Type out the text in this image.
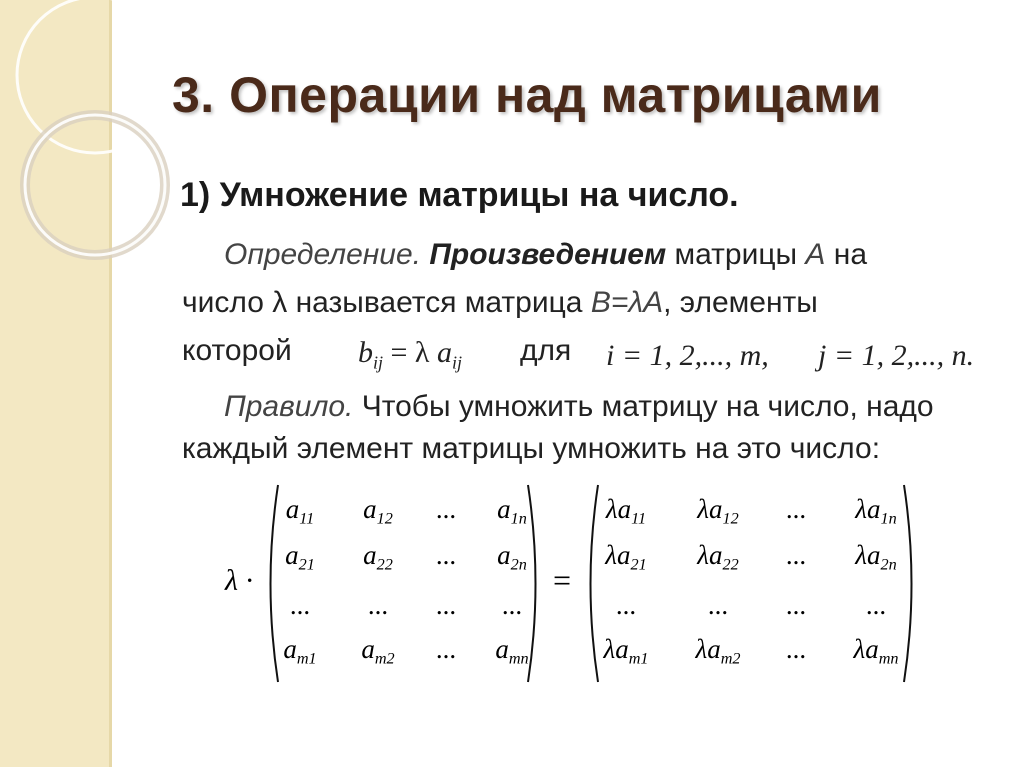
3. Операции над матрицами
1) Умножение матрицы на число.
Определение. Произведением матрицы A на
число λ называется матрица B=λA, элементы
которой $b_{ij} = \lambda$ $a_{ij}$ для i = 1, 2,..., m, j = 1, 2,..., n.
Правило. Чтобы умножить матрицу на число, надо
каждый элемент матрицы умножить на это число:
λ ·	=
$a_{11}$	$a_{12}$	...	$a_{1n}$
$a_{21}$	$a_{22}$	...	$a_{2n}$
...	...	...	...
$a_{m1}$	$a_{m2}$	...	$a_{mn}$
$\lambda a_{11}$	$\lambda a_{12}$	...	$\lambda a_{1n}$
$\lambda a_{21}$	$\lambda a_{22}$	...	$\lambda a_{2n}$
...	...	...	...
$\lambda a_{m1}$	$\lambda a_{m2}$	...	$\lambda a_{mn}$
